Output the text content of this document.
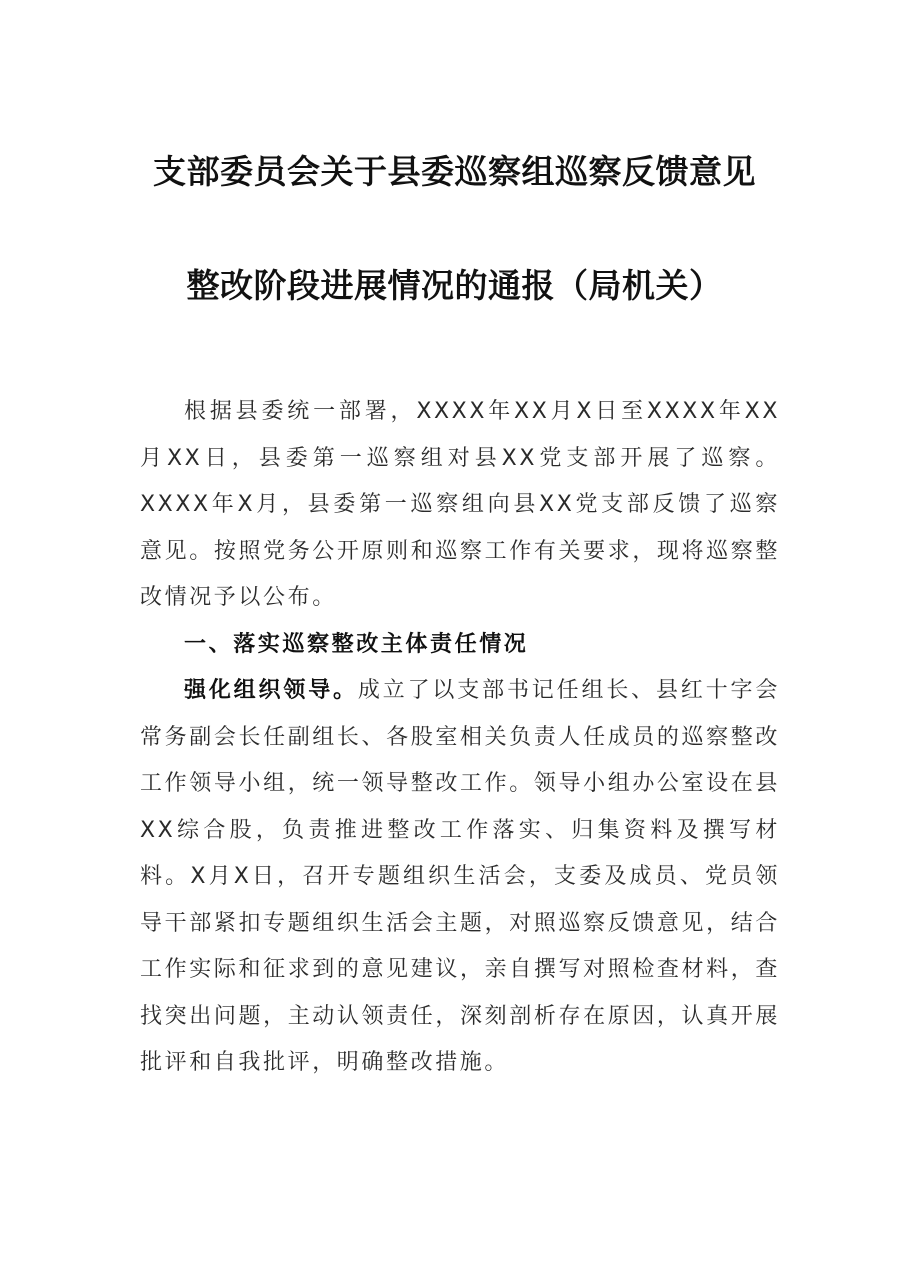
支部委员会关于县委巡察组巡察反馈意见
整改阶段进展情况的通报（局机关）

根据县委统一部署，XXXX年XX月X日至XXXX年XX月XX日，县委第一巡察组对县XX党支部开展了巡察。XXXX年X月，县委第一巡察组向县XX党支部反馈了巡察意见。按照党务公开原则和巡察工作有关要求，现将巡察整改情况予以公布。

一、落实巡察整改主体责任情况

强化组织领导。成立了以支部书记任组长、县红十字会常务副会长任副组长、各股室相关负责人任成员的巡察整改工作领导小组，统一领导整改工作。领导小组办公室设在县XX综合股，负责推进整改工作落实、归集资料及撰写材料。X月X日，召开专题组织生活会，支委及成员、党员领导干部紧扣专题组织生活会主题，对照巡察反馈意见，结合工作实际和征求到的意见建议，亲自撰写对照检查材料，查找突出问题，主动认领责任，深刻剖析存在原因，认真开展批评和自我批评，明确整改措施。
